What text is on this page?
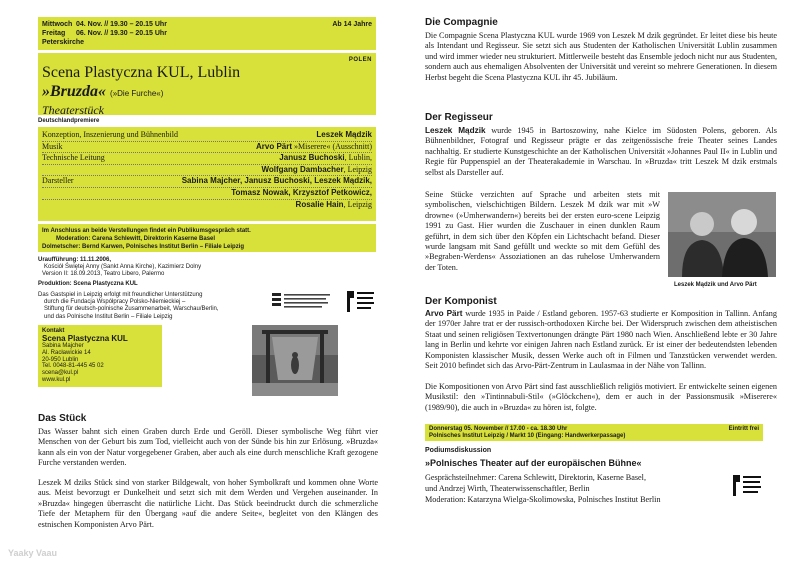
Mittwoch 04. Nov. // 19.30 – 20.15 Uhr
Freitag	06. Nov. // 19.30 – 20.15 Uhr
Peterskirche
Ab 14 Jahre
POLEN
Scena Plastyczna KUL, Lublin
»Bruzda« (»Die Furche«)
Theaterstück
Deutschlandpremiere
Konzeption, Inszenierung und Bühnenbild	Leszek Mądzik
Musik	Arvo Pärt »Miserere« (Ausschnitt)
Technische Leitung	Janusz Buchoski, Lublin,
Wolfgang Dambacher, Leipzig
Darsteller	Sabina Majcher, Janusz Buchoski, Leszek Mądzik,
Tomasz Nowak, Krzysztof Petkowicz,
Rosalie Hain, Leipzig
Im Anschluss an beide Verstellungen findet ein Publikumsgespräch statt.
Moderation: Carena Schlewitt, Direktorin Kaserne Basel
Dolmetscher: Bernd Karwen, Polnisches Institut Berlin – Filiale Leipzig
Uraufführung: 11.11.2006,
Kościół Świętej Anny (Sankt Anna Kirche), Kazimierz Dolny
Version II: 18.09.2013, Teatro Libero, Palermo
Produktion: Scena Plastyczna KUL
Das Gastspiel in Leipzig erfolgt mit freundlicher Unterstützung
durch die Fundacja Współpracy Polsko-Niemieckiej –
Stiftung für deutsch-polnische Zusammenarbeit, Warschau/Berlin,
und das Polnische Institut Berlin – Filiale Leipzig
Kontakt
Scena Plastyczna KUL
Sabina Majcher
Al. Racławickie 14
20-950 Lublin
Tel. 0048-81-445 45 02
scena@kul.pl
www.kul.pl
Das Stück
Das Wasser bahnt sich einen Graben durch Erde und Geröll. Dieser symbolische Weg führt vier Menschen von der Geburt bis zum Tod, vielleicht auch von der Sünde bis hin zur Erlösung. »Bruzda« kann als ein von der Natur vorgegebener Graben, aber auch als eine durch menschliche Kraft gezogene Furche verstanden werden.
Leszek M dziks Stück sind von starker Bildgewalt, von hoher Symbolkraft und kommen ohne Worte aus. Meist bevorzugt er Dunkelheit und setzt sich mit dem Werden und Vergehen auseinander. In »Bruzda« hingegen überrascht die natürliche Licht. Das Stück beeindruckt durch die schmerzliche Tiefe der Metaphern für den Übergang »auf die andere Seite«, begleitet von den Klängen des estnischen Komponisten Arvo Pärt.
Yaaky Vaau
Die Compagnie
Die Compagnie Scena Plastyczna KUL wurde 1969 von Leszek M dzik gegründet. Er leitet diese bis heute als Intendant und Regisseur. Sie setzt sich aus Studenten der Katholischen Universität Lublin zusammen und wird immer wieder neu strukturiert. Mittlerweile besteht das Ensemble jedoch nicht nur aus Studenten, sondern auch aus ehemaligen Absolventen der Universität und vereint so mehrere Generationen. In diesem Herbst begeht die Scena Plastyczna KUL ihr 45. Jubiläum.
Der Regisseur
Leszek Mądzik wurde 1945 in Bartoszowiny, nahe Kielce im Südosten Polens, geboren. Als Bühnenbildner, Fotograf und Regisseur prägte er das zeitgenössische freie Theater seines Landes nachhaltig. Er studierte Kunstgeschichte an der Katholischen Universität »Johannes Paul II« in Lublin und Regie für Puppenspiel an der Theaterakademie in Warschau. In »Bruzda« tritt Leszek M dzik erstmals selbst als Darsteller auf.
Seine Stücke verzichten auf Sprache und arbeiten stets mit symbolischen, vielschichtigen Bildern. Leszek M dzik war mit »W drowne« (»Umherwandern«) bereits bei der ersten euro-scene Leipzig 1991 zu Gast. Hier wurden die Zuschauer in einen dunklen Raum geführt, in dem sich über den Köpfen ein Lichtschacht befand. Dieser wurde langsam mit Sand gefüllt und weckte so mit dem Gefühl des »Begraben-Werdens« Assoziationen an das ruhelose Umherwandern der Toten.
Leszek Mądzik und Arvo Pärt
Der Komponist
Arvo Pärt wurde 1935 in Paide / Estland geboren. 1957-63 studierte er Komposition in Tallinn. Anfang der 1970er Jahre trat er der russisch-orthodoxen Kirche bei. Der Widerspruch zwischen dem atheistischen Staat und seinen religiösen Textvertonungen drängte Pärt 1980 nach Wien. Anschließend lebte er 30 Jahre lang in Berlin und kehrte vor einigen Jahren nach Estland zurück. Er ist einer der bedeutendsten lebenden Komponisten klassischer Musik, dessen Werke auch oft in Filmen und Tanzstücken verwendet werden. Seit 2010 befindet sich das Arvo-Pärt-Zentrum in Laulasmaa in der Nähe von Tallinn.
Die Kompositionen von Arvo Pärt sind fast ausschließlich religiös motiviert. Er entwickelte seinen eigenen Musikstil: den »Tintinnabuli-Stil« (»Glöckchen«), dem er auch in der Passionsmusik »Miserere« (1989/90), die auch in »Bruzda« zu hören ist, folgte.
Donnerstag 05. November // 17.00 - ca. 18.30 Uhr
Polnisches Institut Leipzig / Markt 10 (Eingang: Handwerkerpassage)
Eintritt frei
Podiumsdiskussion
»Polnisches Theater auf der europäischen Bühne«
Gesprächsteilnehmer: Carena Schlewitt, Direktorin, Kaserne Basel,
und Andrzej Wirth, Theaterwissenschaftler, Berlin
Moderation: Katarzyna Wielga-Skolimowska, Polnisches Institut Berlin
